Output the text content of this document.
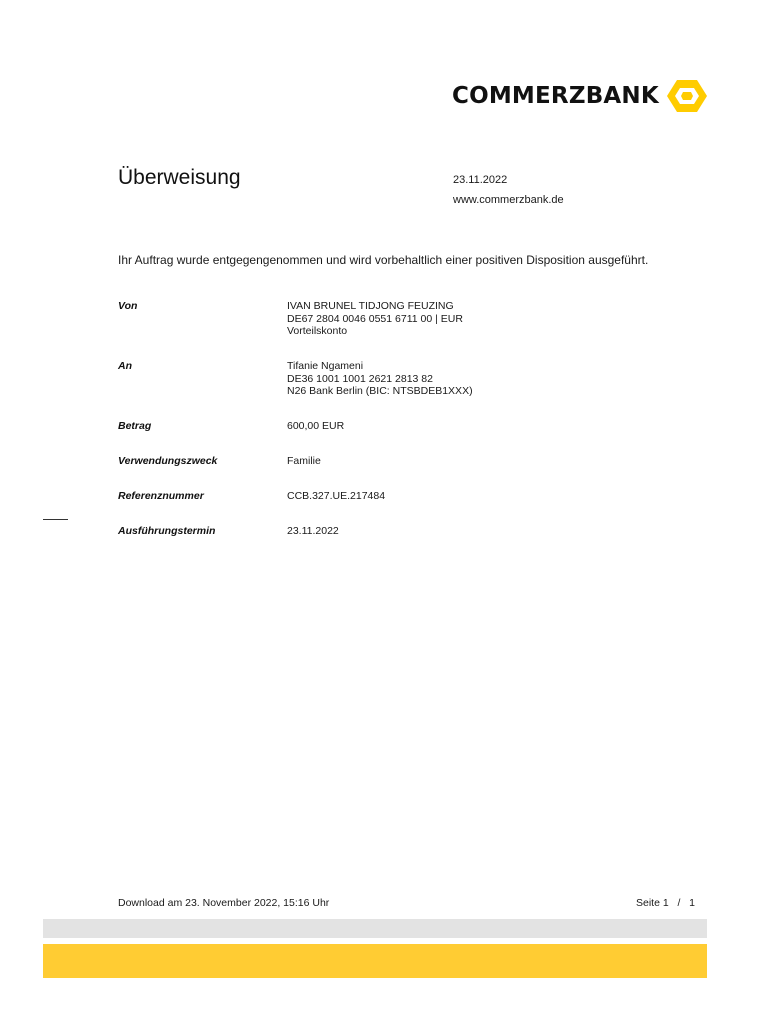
COMMERZBANK
Überweisung	23.11.2022
www.commerzbank.de
Ihr Auftrag wurde entgegengenommen und wird vorbehaltlich einer positiven Disposition ausgeführt.
Von	IVAN BRUNEL TIDJONG FEUZING
DE67 2804 0046 0551 6711 00 | EUR
Vorteilskonto
An	Tifanie Ngameni
DE36 1001 1001 2621 2813 82
N26 Bank Berlin (BIC: NTSBDEB1XXX)
Betrag	600,00 EUR
Verwendungszweck	Familie
Referenznummer	CCB.327.UE.217484
Ausführungstermin	23.11.2022
Download am 23. November 2022, 15:16 Uhr	Seite 1   /   1
